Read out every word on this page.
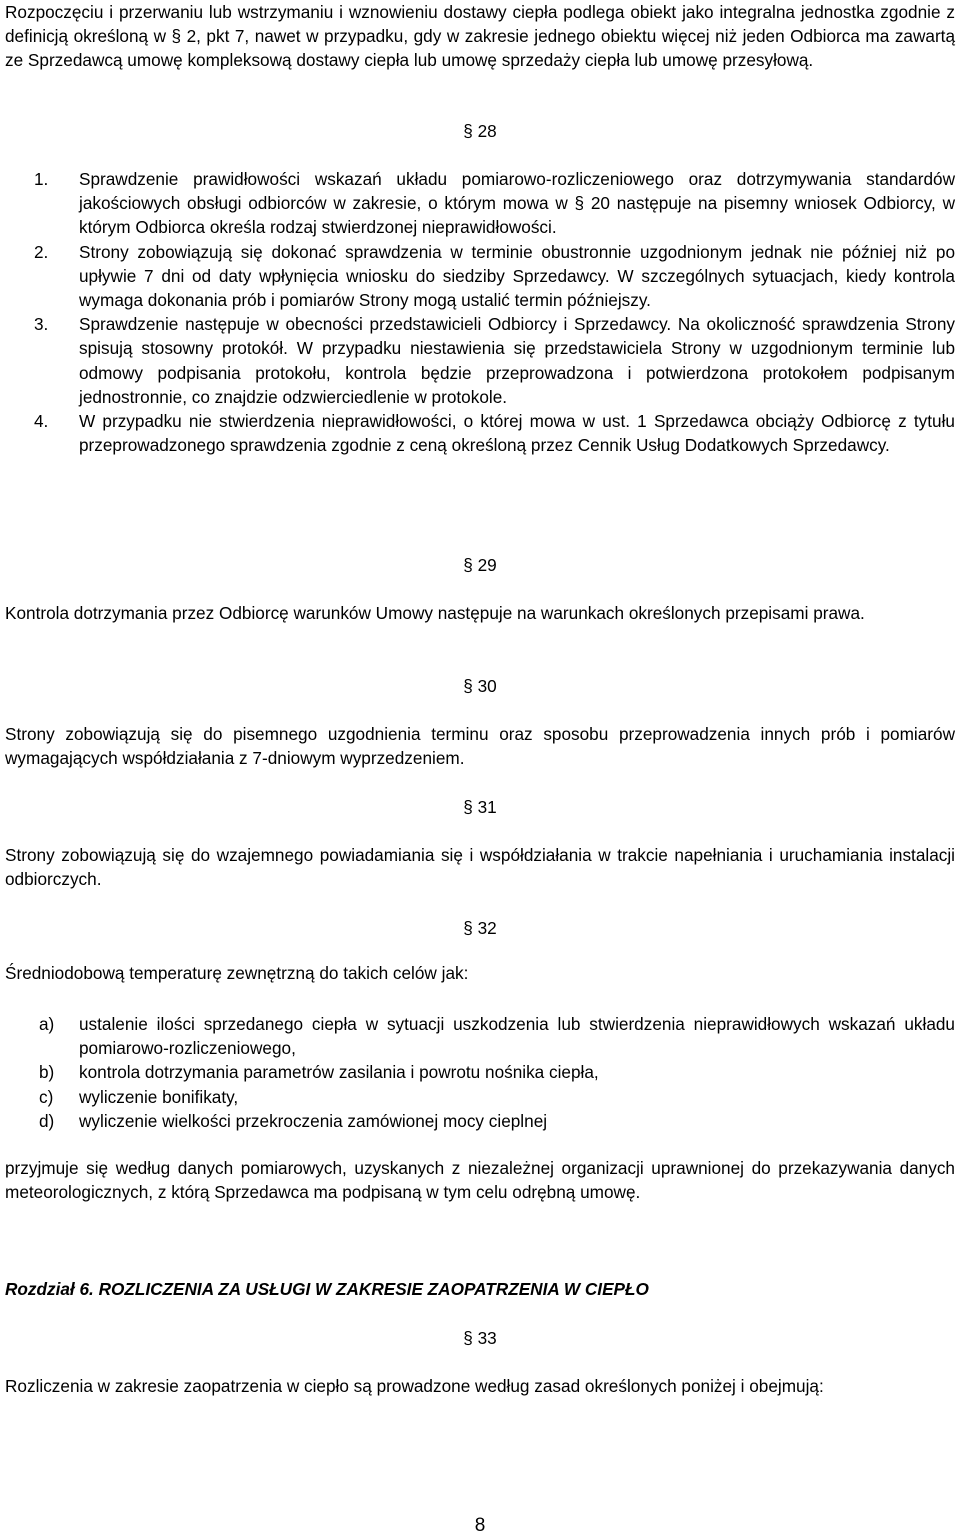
Rozpoczęciu i przerwaniu lub wstrzymaniu i wznowieniu dostawy ciepła podlega obiekt jako integralna jednostka zgodnie z definicją określoną w § 2, pkt 7, nawet w przypadku, gdy w zakresie jednego obiektu więcej niż jeden Odbiorca ma zawartą ze Sprzedawcą umowę kompleksową dostawy ciepła lub umowę sprzedaży ciepła lub umowę przesyłową.

§ 28
1. Sprawdzenie prawidłowości wskazań układu pomiarowo-rozliczeniowego oraz dotrzymywania standardów jakościowych obsługi odbiorców w zakresie, o którym mowa w § 20 następuje na pisemny wniosek Odbiorcy, w którym Odbiorca określa rodzaj stwierdzonej nieprawidłowości.
2. Strony zobowiązują się dokonać sprawdzenia w terminie obustronnie uzgodnionym jednak nie później niż po upływie 7 dni od daty wpłynięcia wniosku do siedziby Sprzedawcy. W szczególnych sytuacjach, kiedy kontrola wymaga dokonania prób i pomiarów Strony mogą ustalić termin późniejszy.
3. Sprawdzenie następuje w obecności przedstawicieli Odbiorcy i Sprzedawcy. Na okoliczność sprawdzenia Strony spisują stosowny protokół. W przypadku niestawienia się przedstawiciela Strony w uzgodnionym terminie lub odmowy podpisania protokołu, kontrola będzie przeprowadzona i potwierdzona protokołem podpisanym jednostronnie, co znajdzie odzwierciedlenie w protokole.
4. W przypadku nie stwierdzenia nieprawidłowości, o której mowa w ust. 1 Sprzedawca obciąży Odbiorcę z tytułu przeprowadzonego sprawdzenia zgodnie z ceną określoną przez Cennik Usług Dodatkowych Sprzedawcy.
§ 29

Kontrola dotrzymania przez Odbiorcę warunków Umowy następuje na warunkach określonych przepisami prawa.

§ 30

Strony zobowiązują się do pisemnego uzgodnienia terminu oraz sposobu przeprowadzenia innych prób i pomiarów wymagających współdziałania z 7-dniowym wyprzedzeniem.

§ 31

Strony zobowiązują się do wzajemnego powiadamiania się i współdziałania w trakcie napełniania i uruchamiania instalacji odbiorczych.

§ 32

Średniodobową temperaturę zewnętrzną do takich celów jak:

a) ustalenie ilości sprzedanego ciepła w sytuacji uszkodzenia lub stwierdzenia nieprawidłowych wskazań układu pomiarowo-rozliczeniowego,
b) kontrola dotrzymania parametrów zasilania i powrotu nośnika ciepła,
c) wyliczenie bonifikaty,
d) wyliczenie wielkości przekroczenia zamówionej mocy cieplnej

przyjmuje się według danych pomiarowych, uzyskanych z niezależnej organizacji uprawnionej do przekazywania danych meteorologicznych, z którą Sprzedawca ma podpisaną w tym celu odrębną umowę.

Rozdział 6. ROZLICZENIA ZA USŁUGI W ZAKRESIE ZAOPATRZENIA W CIEPŁO
§ 33

Rozliczenia w zakresie zaopatrzenia w ciepło są prowadzone według zasad określonych poniżej i obejmują:

8
